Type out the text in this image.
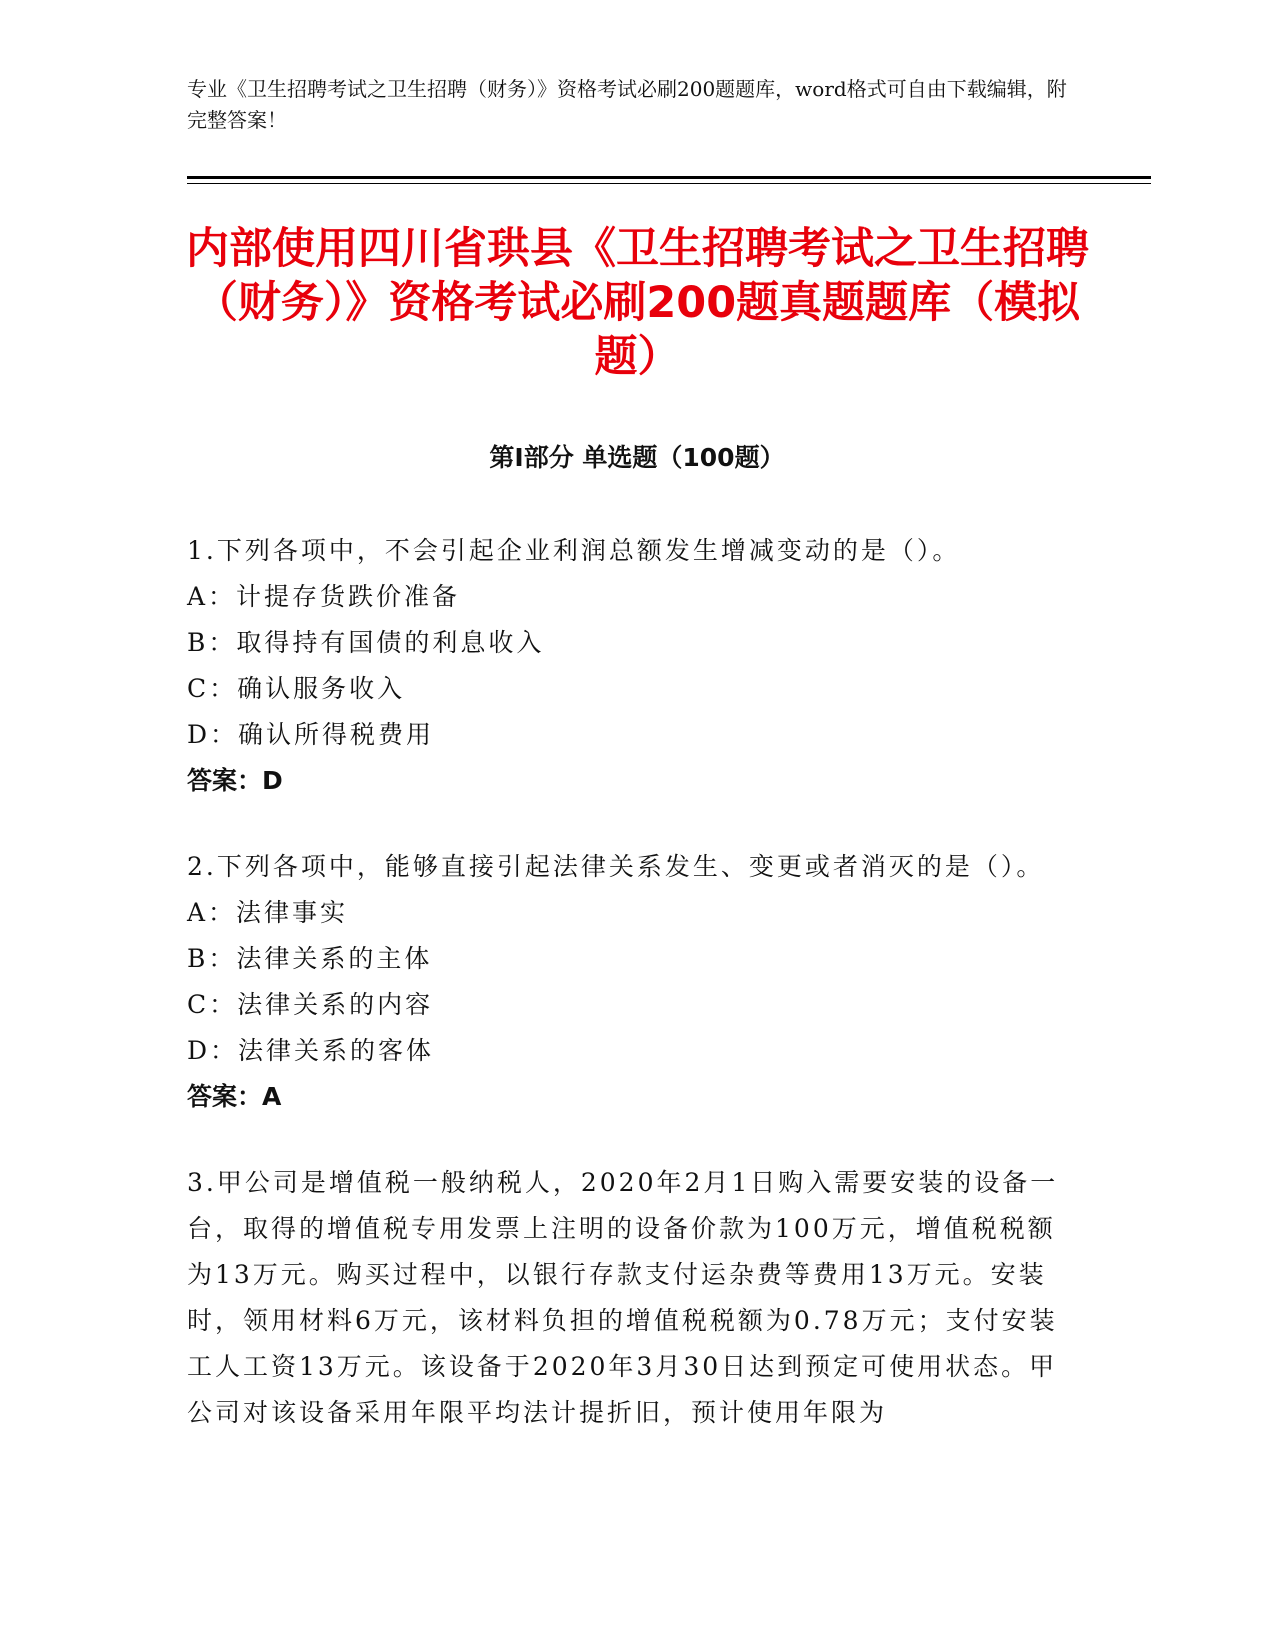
专业《卫生招聘考试之卫生招聘（财务）》资格考试必刷200题题库，word格式可自由下载编辑，附完整答案！
内部使用四川省珙县《卫生招聘考试之卫生招聘（财务）》资格考试必刷200题真题题库（模拟题）
第Ⅰ部分 单选题（100题）

1.下列各项中，不会引起企业利润总额发生增减变动的是（）。

A：计提存货跌价准备

B：取得持有国债的利息收入

C：确认服务收入

D：确认所得税费用

答案：D

2.下列各项中，能够直接引起法律关系发生、变更或者消灭的是（）。

A：法律事实

B：法律关系的主体

C：法律关系的内容

D：法律关系的客体

答案：A

3.甲公司是增值税一般纳税人，2020年2月1日购入需要安装的设备一台，取得的增值税专用发票上注明的设备价款为100万元，增值税税额为13万元。购买过程中，以银行存款支付运杂费等费用13万元。安装时，领用材料6万元，该材料负担的增值税税额为0.78万元；支付安装工人工资13万元。该设备于2020年3月30日达到预定可使用状态。甲公司对该设备采用年限平均法计提折旧，预计使用年限为
